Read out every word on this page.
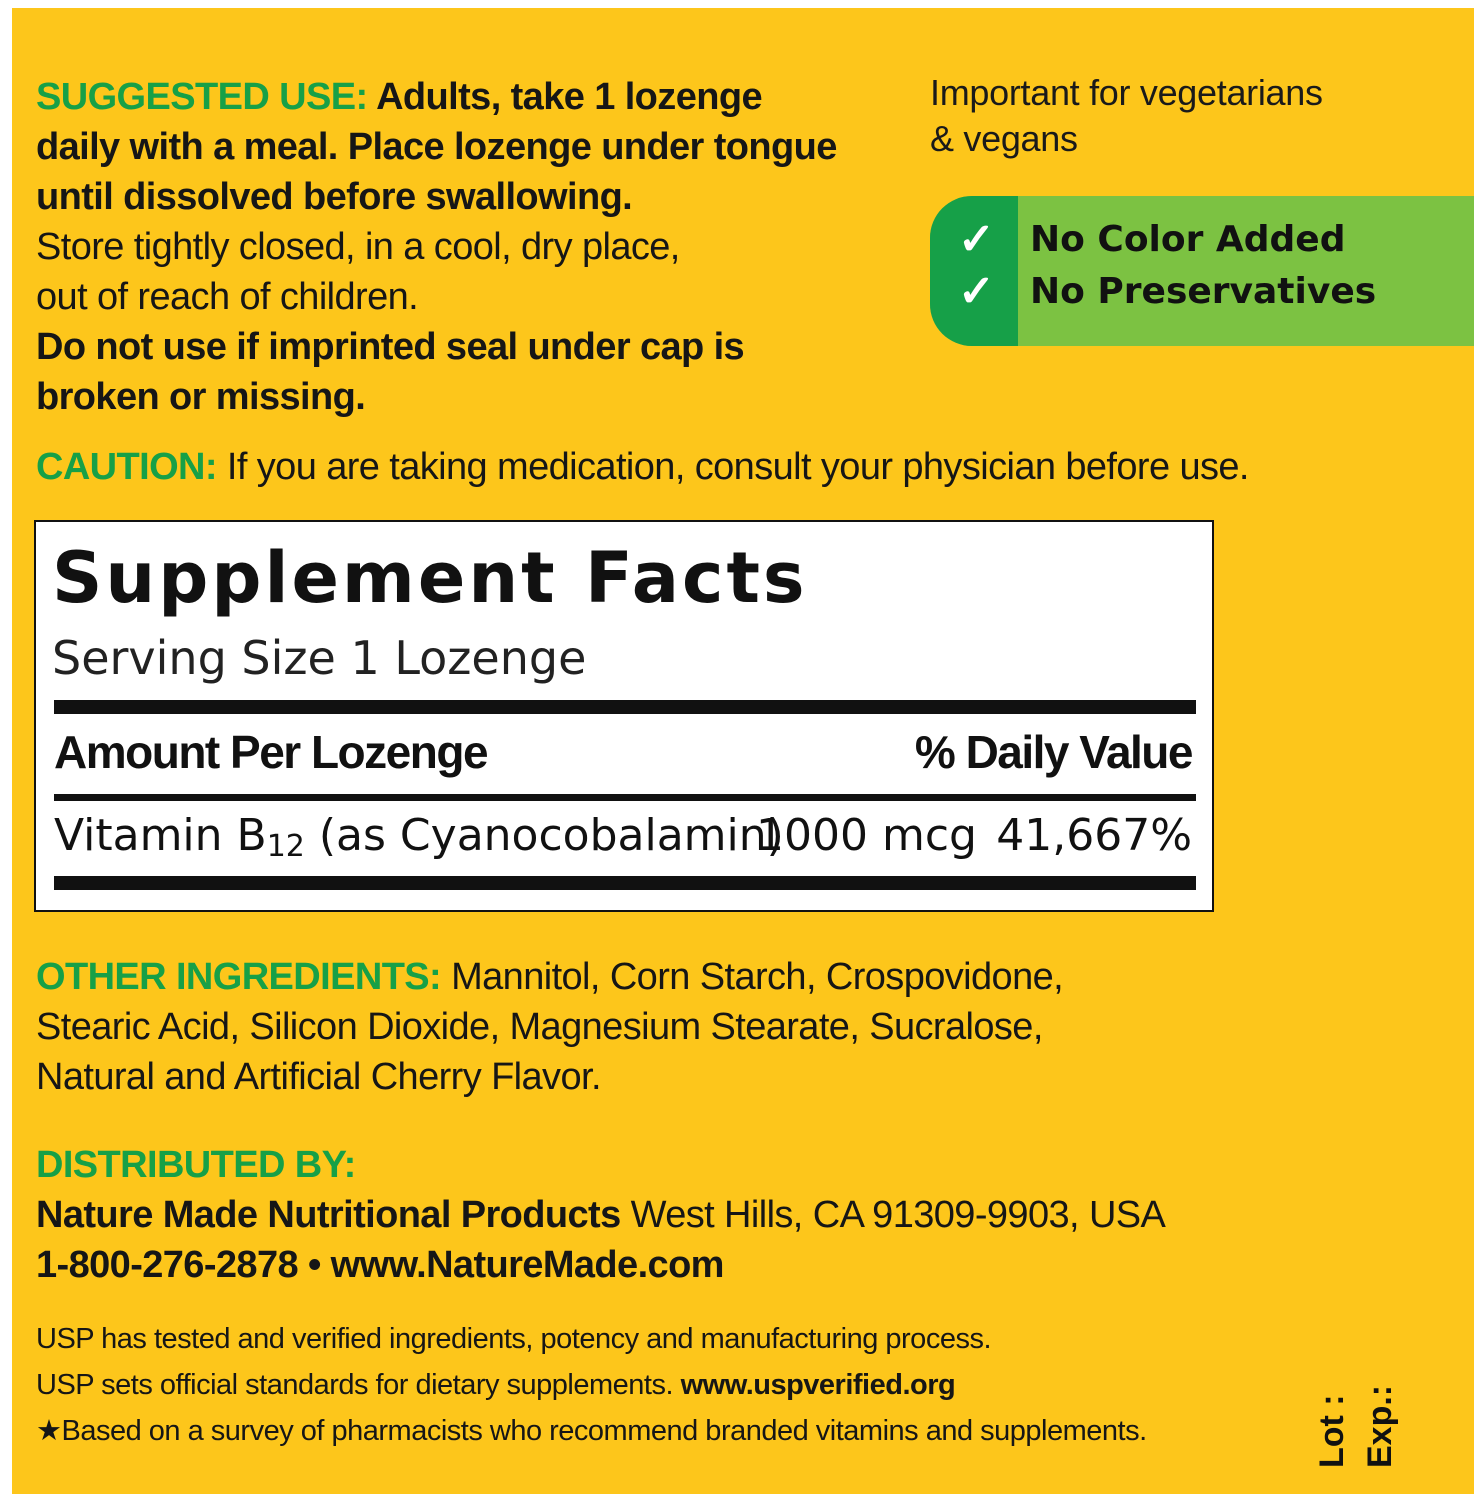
SUGGESTED USE: Adults, take 1 lozenge

daily with a meal. Place lozenge under tongue

until dissolved before swallowing.

Store tightly closed, in a cool, dry place,

out of reach of children.

Do not use if imprinted seal under cap is

broken or missing.

Important for vegetarians

& vegans

✓
✓
No Color Added
No Preservatives
CAUTION: If you are taking medication, consult your physician before use.
Supplement Facts
Serving Size 1 Lozenge
Amount Per Lozenge	% Daily Value
Vitamin $B_{12}$ (as Cyanocobalamin)
1000 mcg 41,667%

OTHER INGREDIENTS: Mannitol, Corn Starch, Crospovidone,

Stearic Acid, Silicon Dioxide, Magnesium Stearate, Sucralose,

Natural and Artificial Cherry Flavor.

DISTRIBUTED BY:

Nature Made Nutritional Products West Hills, CA 91309-9903, USA

1-800-276-2878 • www.NatureMade.com

USP has tested and verified ingredients, potency and manufacturing process.

USP sets official standards for dietary supplements. www.uspverified.org

★Based on a survey of pharmacists who recommend branded vitamins and supplements.	Lot : Exp.:
